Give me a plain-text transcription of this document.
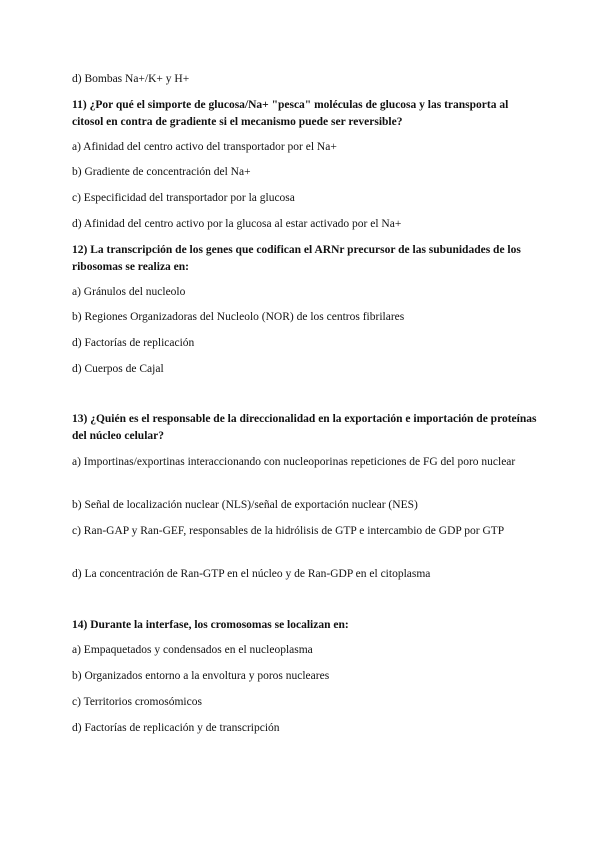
d) Bombas Na+/K+ y H+
11) ¿Por qué el simporte de glucosa/Na+ "pesca" moléculas de glucosa y las transporta al citosol en contra de gradiente si el mecanismo puede ser reversible?
a) Afinidad del centro activo del transportador por el Na+
b) Gradiente de concentración del Na+
c) Especificidad del transportador por la glucosa
d) Afinidad del centro activo por la glucosa al estar activado por el Na+
12) La transcripción de los genes que codifican el ARNr precursor de las subunidades de los ribosomas se realiza en:
a) Gránulos del nucleolo
b) Regiones Organizadoras del Nucleolo (NOR) de los centros fibrilares
d) Factorías de replicación
d) Cuerpos de Cajal
13) ¿Quién es el responsable de la direccionalidad en la exportación e importación de proteínas del núcleo celular?
a) Importinas/exportinas interaccionando con nucleoporinas repeticiones de FG del poro nuclear
b) Señal de localización nuclear (NLS)/señal de exportación nuclear (NES)
c) Ran-GAP y Ran-GEF, responsables de la hidrólisis de GTP e intercambio de GDP por GTP
d) La concentración de Ran-GTP en el núcleo y de Ran-GDP en el citoplasma
14) Durante la interfase, los cromosomas se localizan en:
a) Empaquetados y condensados en el nucleoplasma
b) Organizados entorno a la envoltura y poros nucleares
c) Territorios cromosómicos
d) Factorías de replicación y de transcripción
